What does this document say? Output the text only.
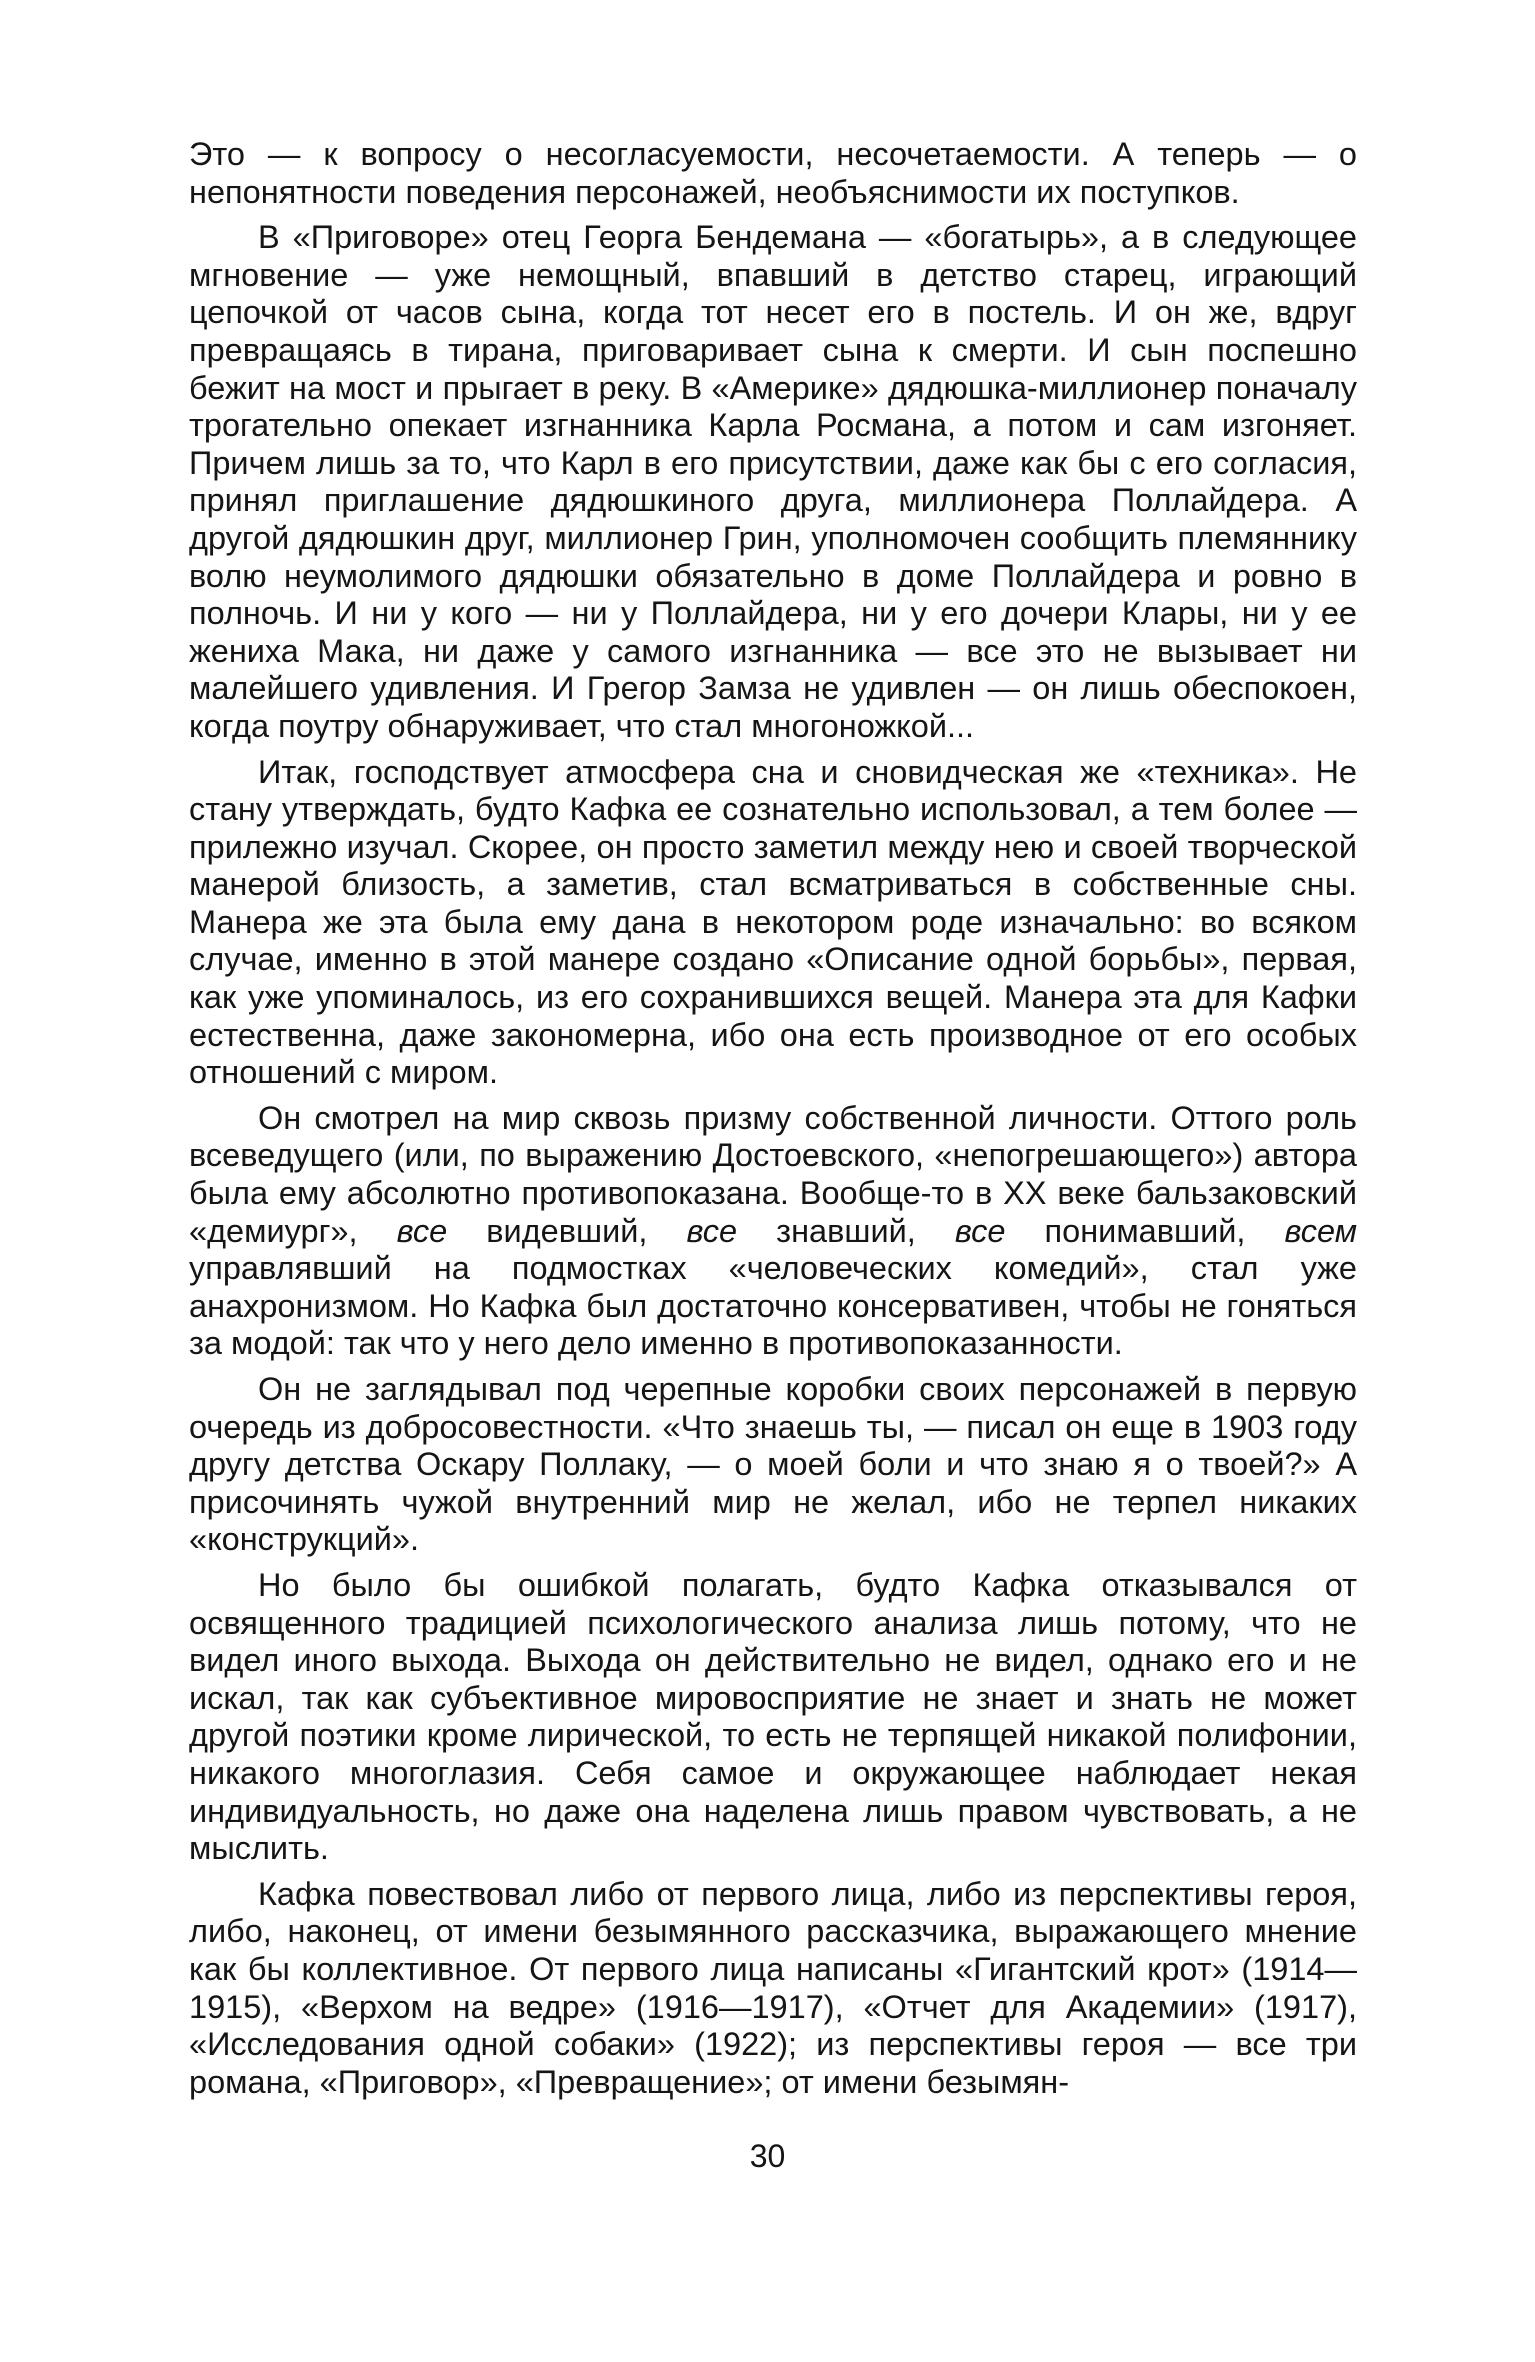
Это — к вопросу о несогласуемости, несочетаемости. А теперь — о непонятности поведения персонажей, необъяснимости их поступков.

В «Приговоре» отец Георга Бендемана — «богатырь», а в следующее мгновение — уже немощный, впавший в детство старец, играющий цепочкой от часов сына, когда тот несет его в постель. И он же, вдруг превращаясь в тирана, приговаривает сына к смерти. И сын поспешно бежит на мост и прыгает в реку. В «Америке» дядюшка-миллионер поначалу трогательно опекает изгнанника Карла Росмана, а потом и сам изгоняет. Причем лишь за то, что Карл в его присутствии, даже как бы с его согласия, принял приглашение дядюшкиного друга, миллионера Поллайдера. А другой дядюшкин друг, миллионер Грин, уполномочен сообщить племяннику волю неумолимого дядюшки обязательно в доме Поллайдера и ровно в полночь. И ни у кого — ни у Поллайдера, ни у его дочери Клары, ни у ее жениха Мака, ни даже у самого изгнанника — все это не вызывает ни малейшего удивления. И Грегор Замза не удивлен — он лишь обеспокоен, когда поутру обнаруживает, что стал многоножкой...

Итак, господствует атмосфера сна и сновидческая же «техника». Не стану утверждать, будто Кафка ее сознательно использовал, а тем более — прилежно изучал. Скорее, он просто заметил между нею и своей творческой манерой близость, а заметив, стал всматриваться в собственные сны. Манера же эта была ему дана в некотором роде изначально: во всяком случае, именно в этой манере создано «Описание одной борьбы», первая, как уже упоминалось, из его сохранившихся вещей. Манера эта для Кафки естественна, даже закономерна, ибо она есть производное от его особых отношений с миром.

Он смотрел на мир сквозь призму собственной личности. Оттого роль всеведущего (или, по выражению Достоевского, «непогрешающего») автора была ему абсолютно противопоказана. Вообще-то в XX веке бальзаковский «демиург», все видевший, все знавший, все понимавший, всем управлявший на подмостках «человеческих комедий», стал уже анахронизмом. Но Кафка был достаточно консервативен, чтобы не гоняться за модой: так что у него дело именно в противопоказанности.

Он не заглядывал под черепные коробки своих персонажей в первую очередь из добросовестности. «Что знаешь ты, — писал он еще в 1903 году другу детства Оскару Поллаку, — о моей боли и что знаю я о твоей?» А присочинять чужой внутренний мир не желал, ибо не терпел никаких «конструкций».

Но было бы ошибкой полагать, будто Кафка отказывался от освященного традицией психологического анализа лишь потому, что не видел иного выхода. Выхода он действительно не видел, однако его и не искал, так как субъективное мировосприятие не знает и знать не может другой поэтики кроме лирической, то есть не терпящей никакой полифонии, никакого многоглазия. Себя самое и окружающее наблюдает некая индивидуальность, но даже она наделена лишь правом чувствовать, а не мыслить.

Кафка повествовал либо от первого лица, либо из перспективы героя, либо, наконец, от имени безымянного рассказчика, выражающего мнение как бы коллективное. От первого лица написаны «Гигантский крот» (1914—1915), «Верхом на ведре» (1916—1917), «Отчет для Академии» (1917), «Исследования одной собаки» (1922); из перспективы героя — все три романа, «Приговор», «Превращение»; от имени безымян-

30
